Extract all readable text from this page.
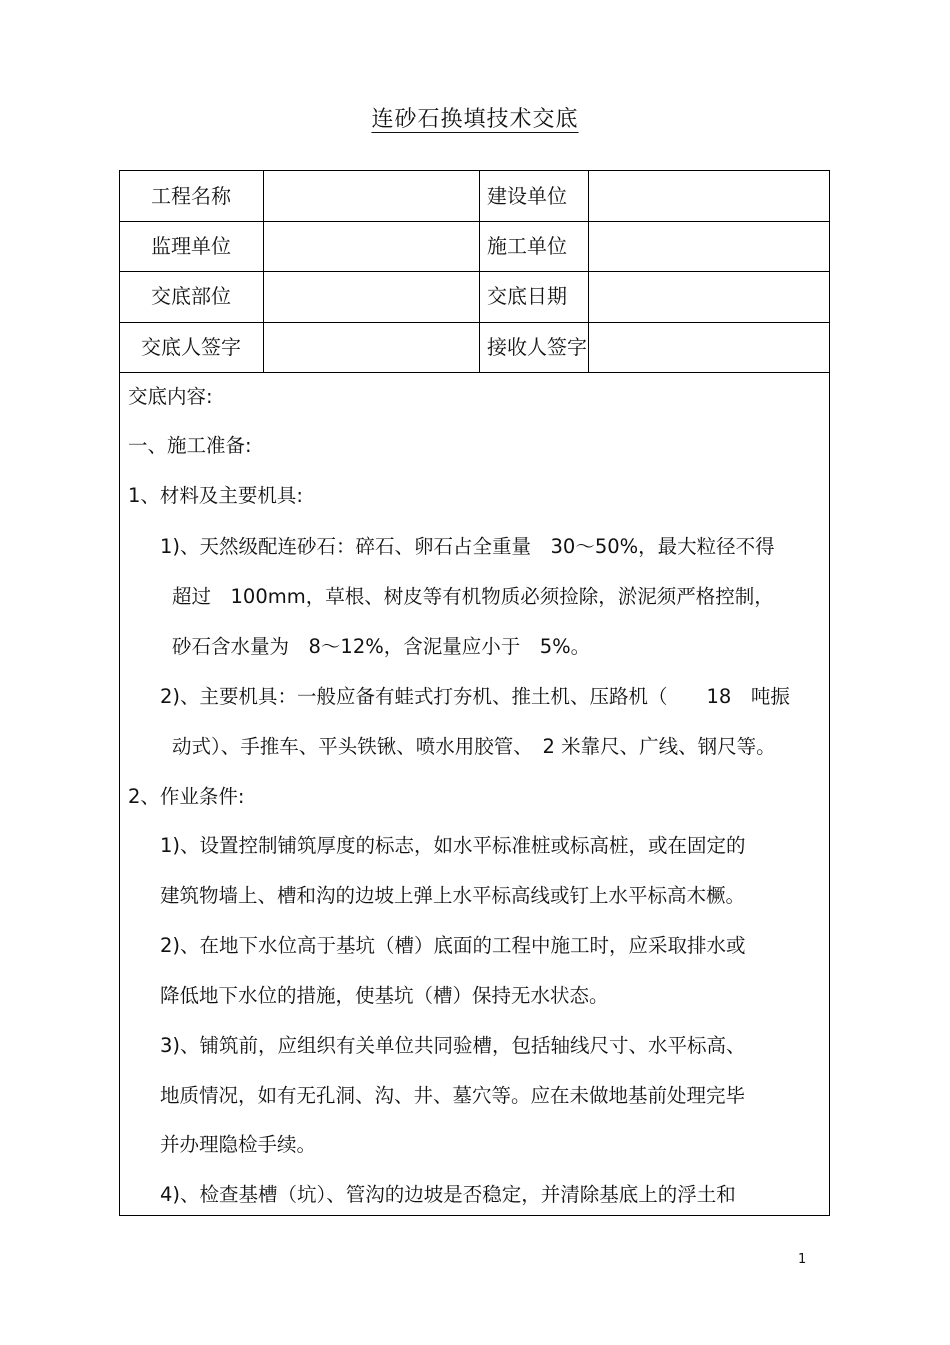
连砂石换填技术交底
工程名称	建设单位
监理单位	施工单位
交底部位	交底日期
交底人签字	接收人签字
交底内容:
一、施工准备:
1、材料及主要机具:
1)、天然级配连砂石：碎石、卵石占全重量　30～50%，最大粒径不得
超过　100mm，草根、树皮等有机物质必须捡除，淤泥须严格控制，
砂石含水量为　8～12%，含泥量应小于　5%。
2)、主要机具：一般应备有蛙式打夯机、推土机、压路机（　　18　吨振
动式）、手推车、平头铁锹、喷水用胶管、　2 米靠尺、广线、钢尺等。
2、作业条件:
1)、设置控制铺筑厚度的标志，如水平标准桩或标高桩，或在固定的
建筑物墙上、槽和沟的边坡上弹上水平标高线或钉上水平标高木橛。
2)、在地下水位高于基坑（槽）底面的工程中施工时，应采取排水或
降低地下水位的措施，使基坑（槽）保持无水状态。
3)、铺筑前，应组织有关单位共同验槽，包括轴线尺寸、水平标高、
地质情况，如有无孔洞、沟、井、墓穴等。应在未做地基前处理完毕
并办理隐检手续。
4)、检查基槽（坑）、管沟的边坡是否稳定，并清除基底上的浮土和
1
